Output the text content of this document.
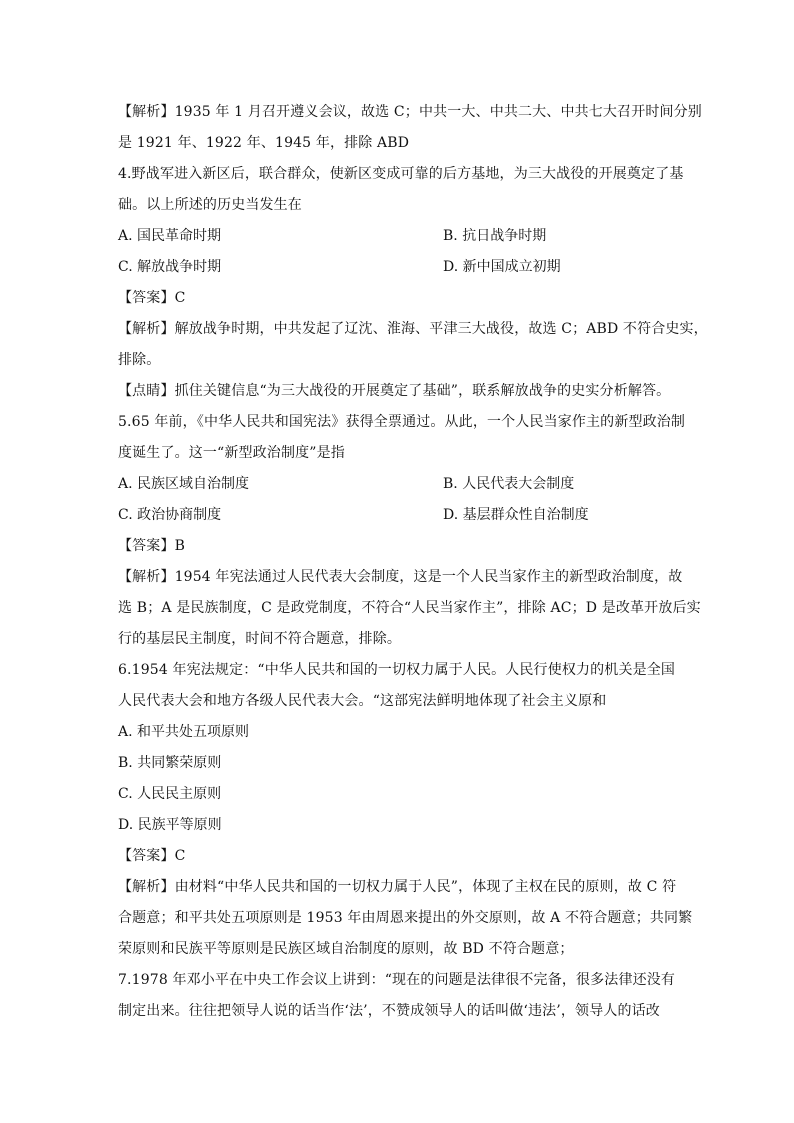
【解析】1935 年 1 月召开遵义会议，故选 C；中共一大、中共二大、中共七大召开时间分别
是 1921 年、1922 年、1945 年，排除 ABD
4.野战军进入新区后，联合群众，使新区变成可靠的后方基地，为三大战役的开展奠定了基
础。以上所述的历史当发生在
A. 国民革命时期	B. 抗日战争时期
C. 解放战争时期	D. 新中国成立初期
【答案】C
【解析】解放战争时期，中共发起了辽沈、淮海、平津三大战役，故选 C；ABD 不符合史实，
排除。
【点睛】抓住关键信息“为三大战役的开展奠定了基础”，联系解放战争的史实分析解答。
5.65 年前，《中华人民共和国宪法》获得全票通过。从此，一个人民当家作主的新型政治制
度诞生了。这一“新型政治制度”是指
A. 民族区域自治制度	B. 人民代表大会制度
C. 政治协商制度	D. 基层群众性自治制度
【答案】B
【解析】1954 年宪法通过人民代表大会制度，这是一个人民当家作主的新型政治制度，故
选 B；A 是民族制度，C 是政党制度，不符合“人民当家作主”，排除 AC；D 是改革开放后实
行的基层民主制度，时间不符合题意，排除。
6.1954 年宪法规定：“中华人民共和国的一切权力属于人民。人民行使权力的机关是全国
人民代表大会和地方各级人民代表大会。“这部宪法鲜明地体现了社会主义原和
A. 和平共处五项原则
B. 共同繁荣原则
C. 人民民主原则
D. 民族平等原则
【答案】C
【解析】由材料“中华人民共和国的一切权力属于人民”，体现了主权在民的原则，故 C 符
合题意；和平共处五项原则是 1953 年由周恩来提出的外交原则，故 A 不符合题意；共同繁
荣原则和民族平等原则是民族区域自治制度的原则，故 BD 不符合题意；
7.1978 年邓小平在中央工作会议上讲到：“现在的问题是法律很不完备，很多法律还没有
制定出来。往往把领导人说的话当作‘法’，不赞成领导人的话叫做‘违法’，领导人的话改
